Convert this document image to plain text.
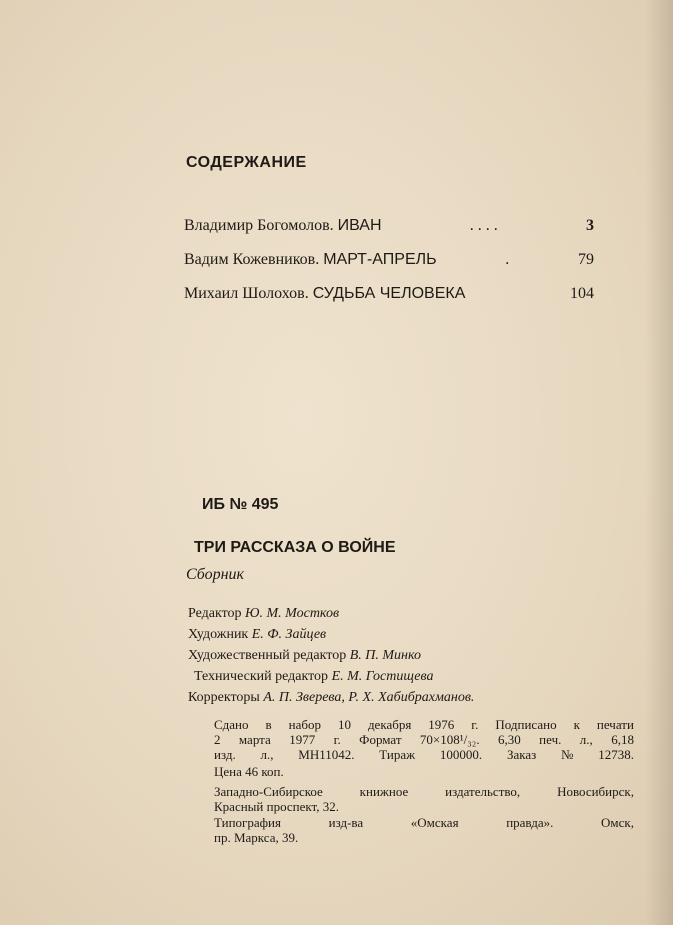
СОДЕРЖАНИЕ
Владимир Богомолов. ИВАН	. . . .	3
Вадим Кожевников. МАРТ-АПРЕЛЬ	.	79
Михаил Шолохов. СУДЬБА ЧЕЛОВЕКА	104
ИБ № 495
ТРИ РАССКАЗА О ВОЙНЕ
Сборник
Редактор Ю. М. Мостков
Художник Е. Ф. Зайцев
Художественный редактор В. П. Минко
Технический редактор Е. М. Гостищева
Корректоры А. П. Зверева, Р. Х. Хабибрахманов.
Сдано в набор 10 декабря 1976 г. Подписано к печати
2 марта 1977 г. Формат 70×108¹/₃₂. 6,30 печ. л., 6,18
изд. л., МН11042. Тираж 100000. Заказ № 12738.
Цена 46 коп.
Западно-Сибирское	книжное	издательство,	Новосибирск,
Красный проспект, 32.
Типография	изд-ва	«Омская	правда».	Омск,
пр. Маркса, 39.
